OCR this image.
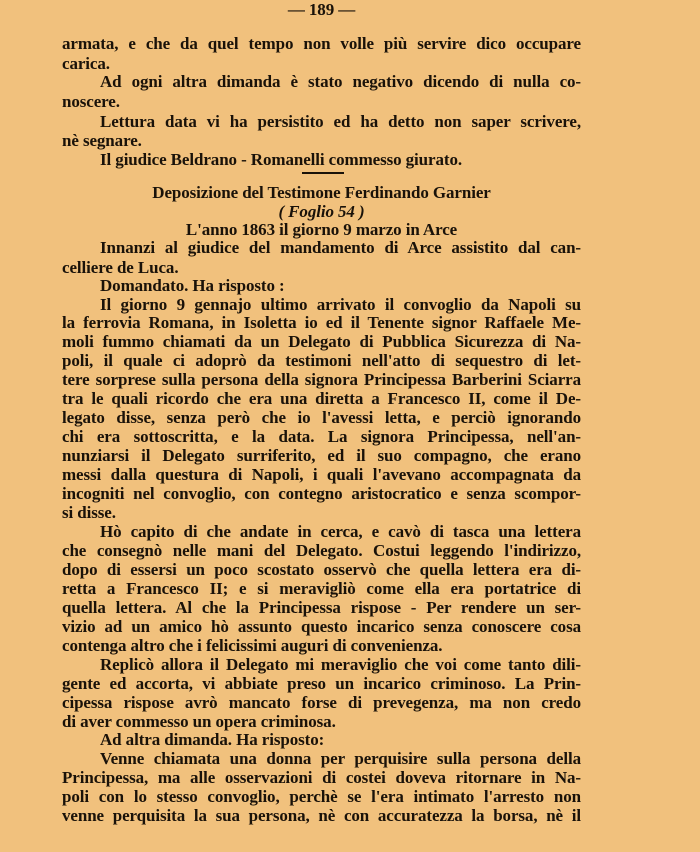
— 189 —
armata, e che da quel tempo non volle più servire dico occupare
carica.
Ad ogni altra dimanda è stato negativo dicendo di nulla co-
noscere.
Lettura data vi ha persistito ed ha detto non saper scrivere,
nè segnare.
Il giudice Beldrano - Romanelli commesso giurato.
Deposizione del Testimone Ferdinando Garnier
( Foglio 54 )
L'anno 1863 il giorno 9 marzo in Arce
Innanzi al giudice del mandamento di Arce assistito dal can-
celliere de Luca.
Domandato. Ha risposto :
Il giorno 9 gennajo ultimo arrivato il convoglio da Napoli su
la ferrovia Romana, in Isoletta io ed il Tenente signor Raffaele Me-
moli fummo chiamati da un Delegato di Pubblica Sicurezza di Na-
poli, il quale ci adoprò da testimoni nell'atto di sequestro di let-
tere sorprese sulla persona della signora Principessa Barberini Sciarra
tra le quali ricordo che era una diretta a Francesco II, come il De-
legato disse, senza però che io l'avessi letta, e perciò ignorando
chi era sottoscritta, e la data. La signora Principessa, nell'an-
nunziarsi il Delegato surriferito, ed il suo compagno, che erano
messi dalla questura di Napoli, i quali l'avevano accompagnata da
incogniti nel convoglio, con contegno aristocratico e senza scompor-
si disse.
Hò capito di che andate in cerca, e cavò di tasca una lettera
che consegnò nelle mani del Delegato. Costui leggendo l'indirizzo,
dopo di essersi un poco scostato osservò che quella lettera era di-
retta a Francesco II; e si meravigliò come ella era portatrice di
quella lettera. Al che la Principessa rispose - Per rendere un ser-
vizio ad un amico hò assunto questo incarico senza conoscere cosa
contenga altro che i felicissimi auguri di convenienza.
Replicò allora il Delegato mi meraviglio che voi come tanto dili-
gente ed accorta, vi abbiate preso un incarico criminoso. La Prin-
cipessa rispose avrò mancato forse di prevegenza, ma non credo
di aver commesso un opera criminosa.
Ad altra dimanda. Ha risposto:
Venne chiamata una donna per perquisire sulla persona della
Principessa, ma alle osservazioni di costei doveva ritornare in Na-
poli con lo stesso convoglio, perchè se l'era intimato l'arresto non
venne perquisita la sua persona, nè con accuratezza la borsa, nè il
